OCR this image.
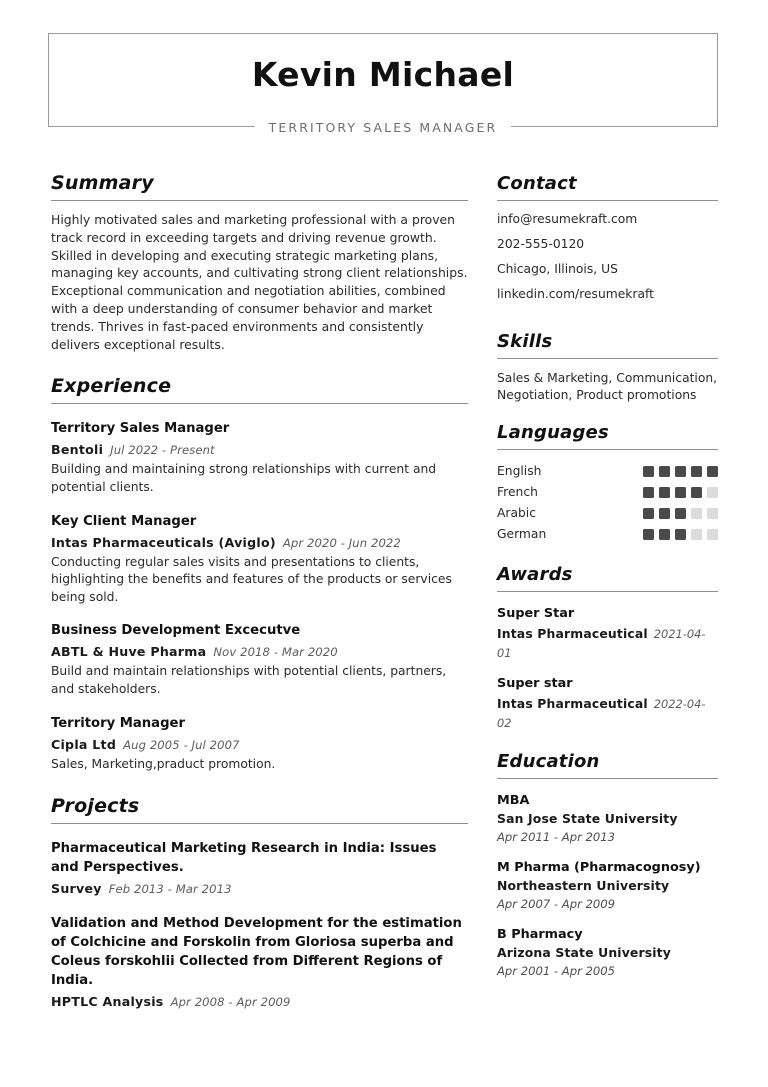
Kevin Michael
TERRITORY SALES MANAGER
Summary
Highly motivated sales and marketing professional with a proven track record in exceeding targets and driving revenue growth. Skilled in developing and executing strategic marketing plans, managing key accounts, and cultivating strong client relationships. Exceptional communication and negotiation abilities, combined with a deep understanding of consumer behavior and market trends. Thrives in fast-paced environments and consistently delivers exceptional results.
Experience
Territory Sales Manager
Bentoli Jul 2022 - Present
Building and maintaining strong relationships with current and potential clients.
Key Client Manager
Intas Pharmaceuticals (Aviglo) Apr 2020 - Jun 2022
Conducting regular sales visits and presentations to clients, highlighting the benefits and features of the products or services being sold.
Business Development Excecutve
ABTL & Huve Pharma Nov 2018 - Mar 2020
Build and maintain relationships with potential clients, partners, and stakeholders.
Territory Manager
Cipla Ltd Aug 2005 - Jul 2007
Sales, Marketing,praduct promotion.
Projects
Pharmaceutical Marketing Research in India: Issues and Perspectives.
Survey Feb 2013 - Mar 2013
Validation and Method Development for the estimation of Colchicine and Forskolin from Gloriosa superba and Coleus forskohlii Collected from Different Regions of India.
HPTLC Analysis Apr 2008 - Apr 2009
Contact
info@resumekraft.com
202-555-0120
Chicago, Illinois, US
linkedin.com/resumekraft
Skills
Sales & Marketing, Communication, Negotiation, Product promotions
Languages
English
French
Arabic
German
Awards
Super Star
Intas Pharmaceutical 2021-04-01
Super star
Intas Pharmaceutical 2022-04-02
Education
MBA
San Jose State University
Apr 2011 - Apr 2013
M Pharma (Pharmacognosy)
Northeastern University
Apr 2007 - Apr 2009
B Pharmacy
Arizona State University
Apr 2001 - Apr 2005
